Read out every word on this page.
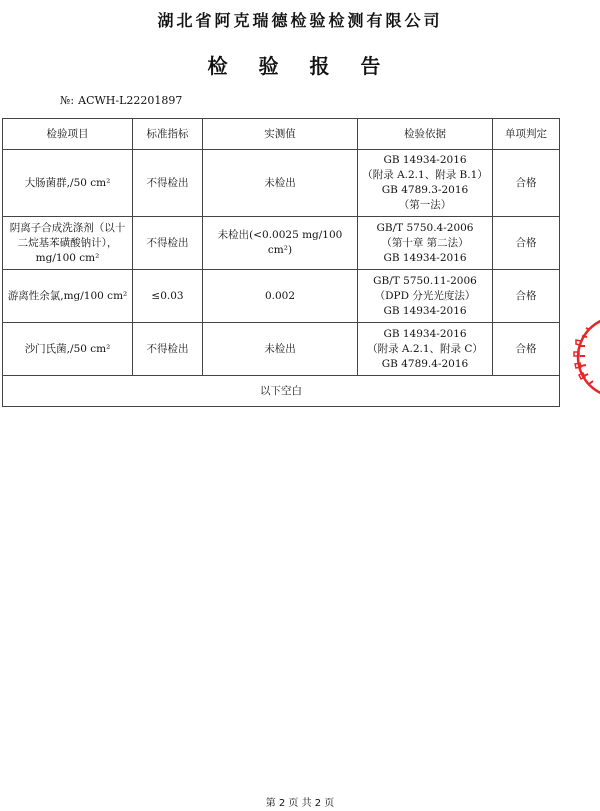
湖北省阿克瑞德检验检测有限公司
检 验 报 告
№: ACWH-L22201897
检验项目	标准指标	实测值	检验依据	单项判定

大肠菌群,/50 cm²	不得检出	未检出	GB 14934-2016
（附录 A.2.1、附录 B.1）
GB 4789.3-2016
（第一法）	合格

阴离子合成洗涤剂（以十
二烷基苯磺酸钠计），
mg/100 cm²	不得检出	未检出(<0.0025 mg/100 cm²)	GB/T 5750.4-2006
（第十章 第二法）
GB 14934-2016	合格

游离性余氯,mg/100 cm²	≤0.03	0.002	GB/T 5750.11-2006
（DPD 分光光度法）
GB 14934-2016	合格

沙门氏菌,/50 cm²	不得检出	未检出	GB 14934-2016
（附录 A.2.1、附录 C）
GB 4789.4-2016	合格
以下空白				
第 2 页 共 2 页
